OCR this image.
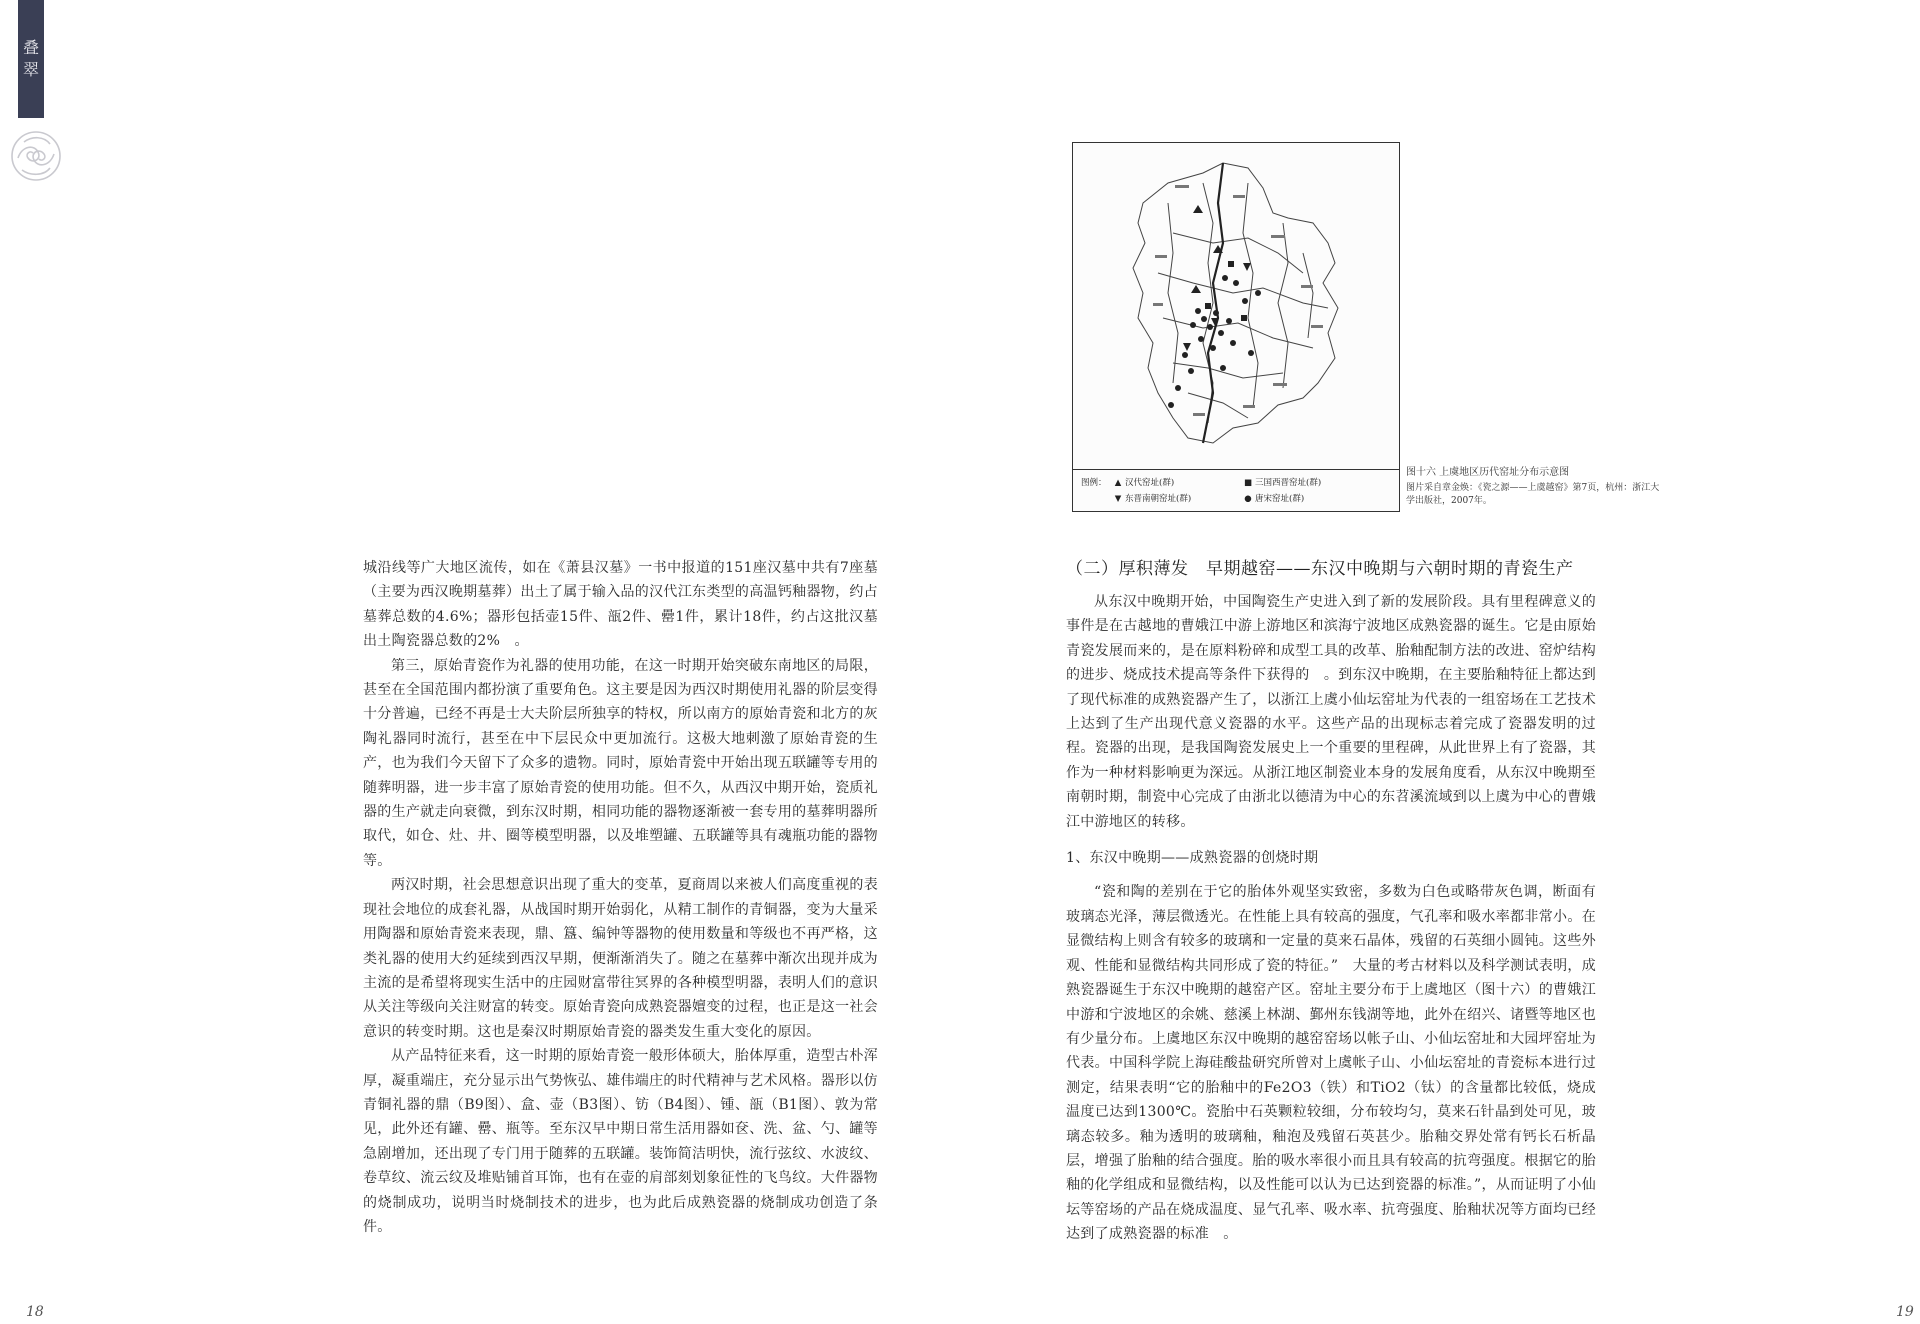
叠
翠

城沿线等广大地区流传，如在《萧县汉墓》一书中报道的151座汉墓中共有7座墓（主要为西汉晚期墓葬）出土了属于输入品的汉代江东类型的高温钙釉器物，约占墓葬总数的4.6%；器形包括壶15件、瓿2件、罍1件，累计18件，约占这批汉墓出土陶瓷器总数的2%　。

第三，原始青瓷作为礼器的使用功能，在这一时期开始突破东南地区的局限，甚至在全国范围内都扮演了重要角色。这主要是因为西汉时期使用礼器的阶层变得十分普遍，已经不再是士大夫阶层所独享的特权，所以南方的原始青瓷和北方的灰陶礼器同时流行，甚至在中下层民众中更加流行。这极大地刺激了原始青瓷的生产，也为我们今天留下了众多的遗物。同时，原始青瓷中开始出现五联罐等专用的随葬明器，进一步丰富了原始青瓷的使用功能。但不久，从西汉中期开始，瓷质礼器的生产就走向衰微，到东汉时期，相同功能的器物逐渐被一套专用的墓葬明器所取代，如仓、灶、井、圈等模型明器，以及堆塑罐、五联罐等具有魂瓶功能的器物等。

两汉时期，社会思想意识出现了重大的变革，夏商周以来被人们高度重视的表现社会地位的成套礼器，从战国时期开始弱化，从精工制作的青铜器，变为大量采用陶器和原始青瓷来表现，鼎、簋、编钟等器物的使用数量和等级也不再严格，这类礼器的使用大约延续到西汉早期，便渐渐消失了。随之在墓葬中渐次出现并成为主流的是希望将现实生活中的庄园财富带往冥界的各种模型明器，表明人们的意识从关注等级向关注财富的转变。原始青瓷向成熟瓷器嬗变的过程，也正是这一社会意识的转变时期。这也是秦汉时期原始青瓷的器类发生重大变化的原因。

从产品特征来看，这一时期的原始青瓷一般形体硕大，胎体厚重，造型古朴浑厚，凝重端庄，充分显示出气势恢弘、雄伟端庄的时代精神与艺术风格。器形以仿青铜礼器的鼎（B9图）、盒、壶（B3图）、钫（B4图）、锺、瓿（B1图）、敦为常见，此外还有罐、罍、瓶等。至东汉早中期日常生活用器如奁、洗、盆、勺、罐等急剧增加，还出现了专门用于随葬的五联罐。装饰简洁明快，流行弦纹、水波纹、卷草纹、流云纹及堆贴铺首耳饰，也有在壶的肩部刻划象征性的飞鸟纹。大件器物的烧制成功，说明当时烧制技术的进步，也为此后成熟瓷器的烧制成功创造了条件。

18
图例： ▲ 汉代窑址(群)	■ 三国西晋窑址(群)
▼ 东晋南朝窑址(群)	● 唐宋窑址(群)
图十六 上虞地区历代窑址分布示意图
图片采自章金焕：《瓷之源——上虞越窑》第7页，杭州：浙江大学出版社，2007年。
（二）厚积薄发　早期越窑——东汉中晚期与六朝时期的青瓷生产

从东汉中晚期开始，中国陶瓷生产史进入到了新的发展阶段。具有里程碑意义的事件是在古越地的曹娥江中游上游地区和滨海宁波地区成熟瓷器的诞生。它是由原始青瓷发展而来的，是在原料粉碎和成型工具的改革、胎釉配制方法的改进、窑炉结构的进步、烧成技术提高等条件下获得的　。到东汉中晚期，在主要胎釉特征上都达到了现代标准的成熟瓷器产生了，以浙江上虞小仙坛窑址为代表的一组窑场在工艺技术上达到了生产出现代意义瓷器的水平。这些产品的出现标志着完成了瓷器发明的过程。瓷器的出现，是我国陶瓷发展史上一个重要的里程碑，从此世界上有了瓷器，其作为一种材料影响更为深远。从浙江地区制瓷业本身的发展角度看，从东汉中晚期至南朝时期，制瓷中心完成了由浙北以德清为中心的东苕溪流域到以上虞为中心的曹娥江中游地区的转移。

1、东汉中晚期——成熟瓷器的创烧时期

“瓷和陶的差别在于它的胎体外观坚实致密，多数为白色或略带灰色调，断面有玻璃态光泽，薄层微透光。在性能上具有较高的强度，气孔率和吸水率都非常小。在显微结构上则含有较多的玻璃和一定量的莫来石晶体，残留的石英细小圆钝。这些外观、性能和显微结构共同形成了瓷的特征。”　大量的考古材料以及科学测试表明，成熟瓷器诞生于东汉中晚期的越窑产区。窑址主要分布于上虞地区（图十六）的曹娥江中游和宁波地区的余姚、慈溪上林湖、鄞州东钱湖等地，此外在绍兴、诸暨等地区也有少量分布。上虞地区东汉中晚期的越窑窑场以帐子山、小仙坛窑址和大园坪窑址为代表。中国科学院上海硅酸盐研究所曾对上虞帐子山、小仙坛窑址的青瓷标本进行过测定，结果表明“它的胎釉中的Fe2O3（铁）和TiO2（钛）的含量都比较低，烧成温度已达到1300℃。瓷胎中石英颗粒较细，分布较均匀，莫来石针晶到处可见，玻璃态较多。釉为透明的玻璃釉，釉泡及残留石英甚少。胎釉交界处常有钙长石析晶层，增强了胎釉的结合强度。胎的吸水率很小而且具有较高的抗弯强度。根据它的胎釉的化学组成和显微结构，以及性能可以认为已达到瓷器的标准。”，从而证明了小仙坛等窑场的产品在烧成温度、显气孔率、吸水率、抗弯强度、胎釉状况等方面均已经达到了成熟瓷器的标准　。

19
